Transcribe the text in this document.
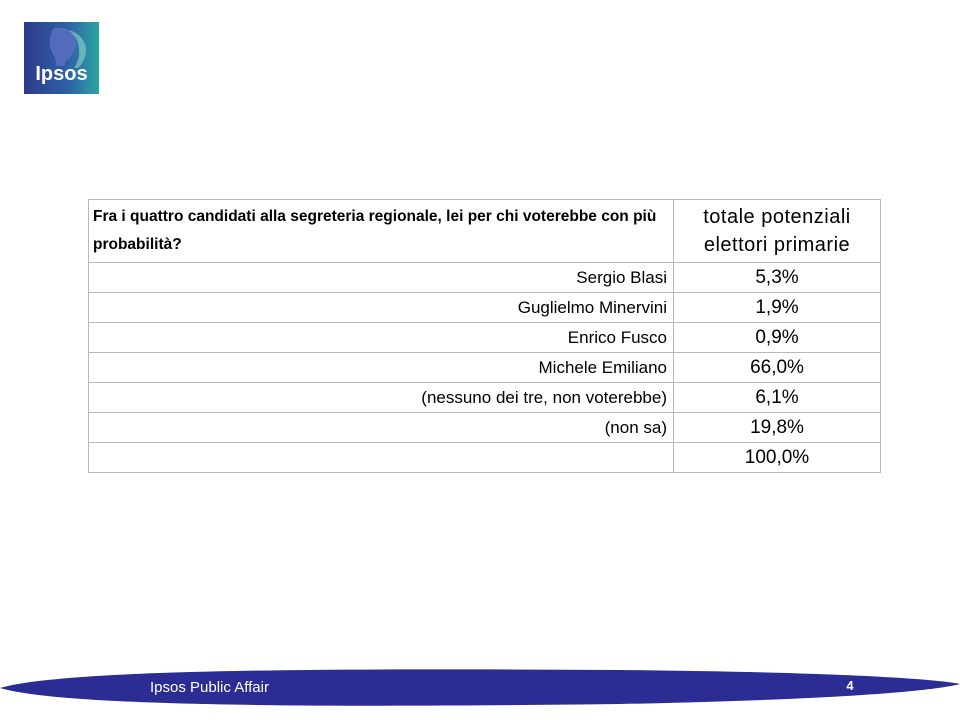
Ipsos
Fra i quattro candidati alla segreteria regionale, lei per chi voterebbe con più probabilità?	totale potenziali elettori primarie
Sergio Blasi	5,3%
Guglielmo Minervini	1,9%
Enrico Fusco	0,9%
Michele Emiliano	66,0%
(nessuno dei tre, non voterebbe)	6,1%
(non sa)	19,8%
	100,0%
Ipsos Public Affair	4
